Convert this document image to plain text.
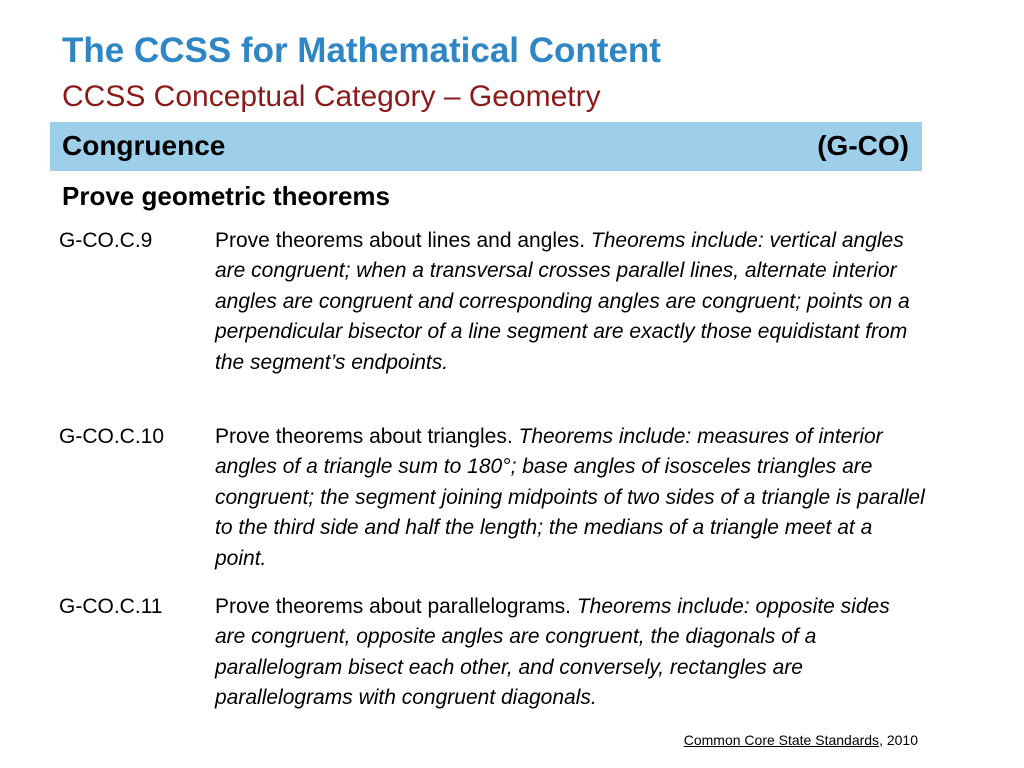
The CCSS for Mathematical Content
CCSS Conceptual Category – Geometry
Congruence	(G-CO)
Prove geometric theorems
G-CO.C.9	Prove theorems about lines and angles. Theorems include: vertical angles are congruent; when a transversal crosses parallel lines, alternate interior angles are congruent and corresponding angles are congruent; points on a perpendicular bisector of a line segment are exactly those equidistant from the segment’s endpoints.
G-CO.C.10 Prove theorems about triangles. Theorems include: measures of interior angles of a triangle sum to 180°; base angles of isosceles triangles are congruent; the segment joining midpoints of two sides of a triangle is parallel to the third side and half the length; the medians of a triangle meet at a point.
G-CO.C.11	Prove theorems about parallelograms. Theorems include: opposite sides are congruent, opposite angles are congruent, the diagonals of a parallelogram bisect each other, and conversely, rectangles are parallelograms with congruent diagonals.
Common Core State Standards, 2010
